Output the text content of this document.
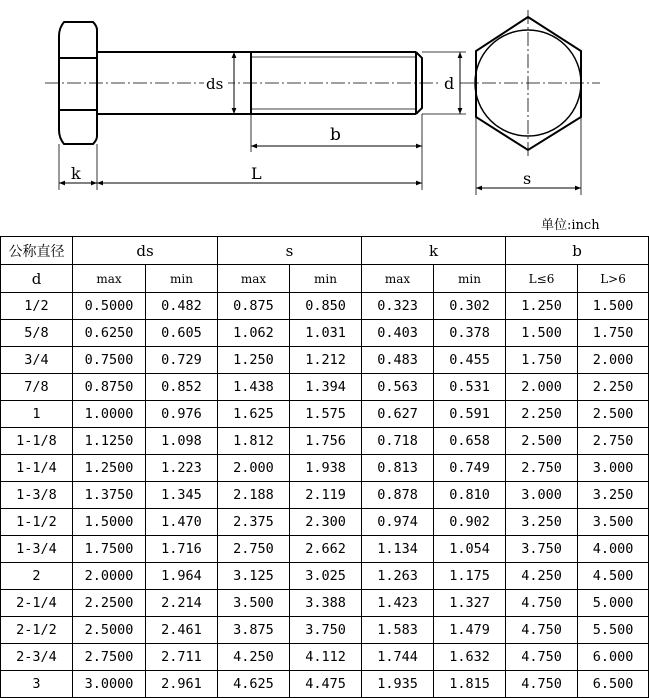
ds	d
b
k	L	s
单位:inch
公称直径	ds		s		k		b	
d	max	min	max	min	max	min	L≤6	L>6
1/2	0.5000	0.482	0.875	0.850	0.323	0.302	1.250	1.500
5/8	0.6250	0.605	1.062	1.031	0.403	0.378	1.500	1.750
3/4	0.7500	0.729	1.250	1.212	0.483	0.455	1.750	2.000
7/8	0.8750	0.852	1.438	1.394	0.563	0.531	2.000	2.250
1	1.0000	0.976	1.625	1.575	0.627	0.591	2.250	2.500
1-1/8	1.1250	1.098	1.812	1.756	0.718	0.658	2.500	2.750
1-1/4	1.2500	1.223	2.000	1.938	0.813	0.749	2.750	3.000
1-3/8	1.3750	1.345	2.188	2.119	0.878	0.810	3.000	3.250
1-1/2	1.5000	1.470	2.375	2.300	0.974	0.902	3.250	3.500
1-3/4	1.7500	1.716	2.750	2.662	1.134	1.054	3.750	4.000
2	2.0000	1.964	3.125	3.025	1.263	1.175	4.250	4.500
2-1/4	2.2500	2.214	3.500	3.388	1.423	1.327	4.750	5.000
2-1/2	2.5000	2.461	3.875	3.750	1.583	1.479	4.750	5.500
2-3/4	2.7500	2.711	4.250	4.112	1.744	1.632	4.750	6.000
3	3.0000	2.961	4.625	4.475	1.935	1.815	4.750	6.500
